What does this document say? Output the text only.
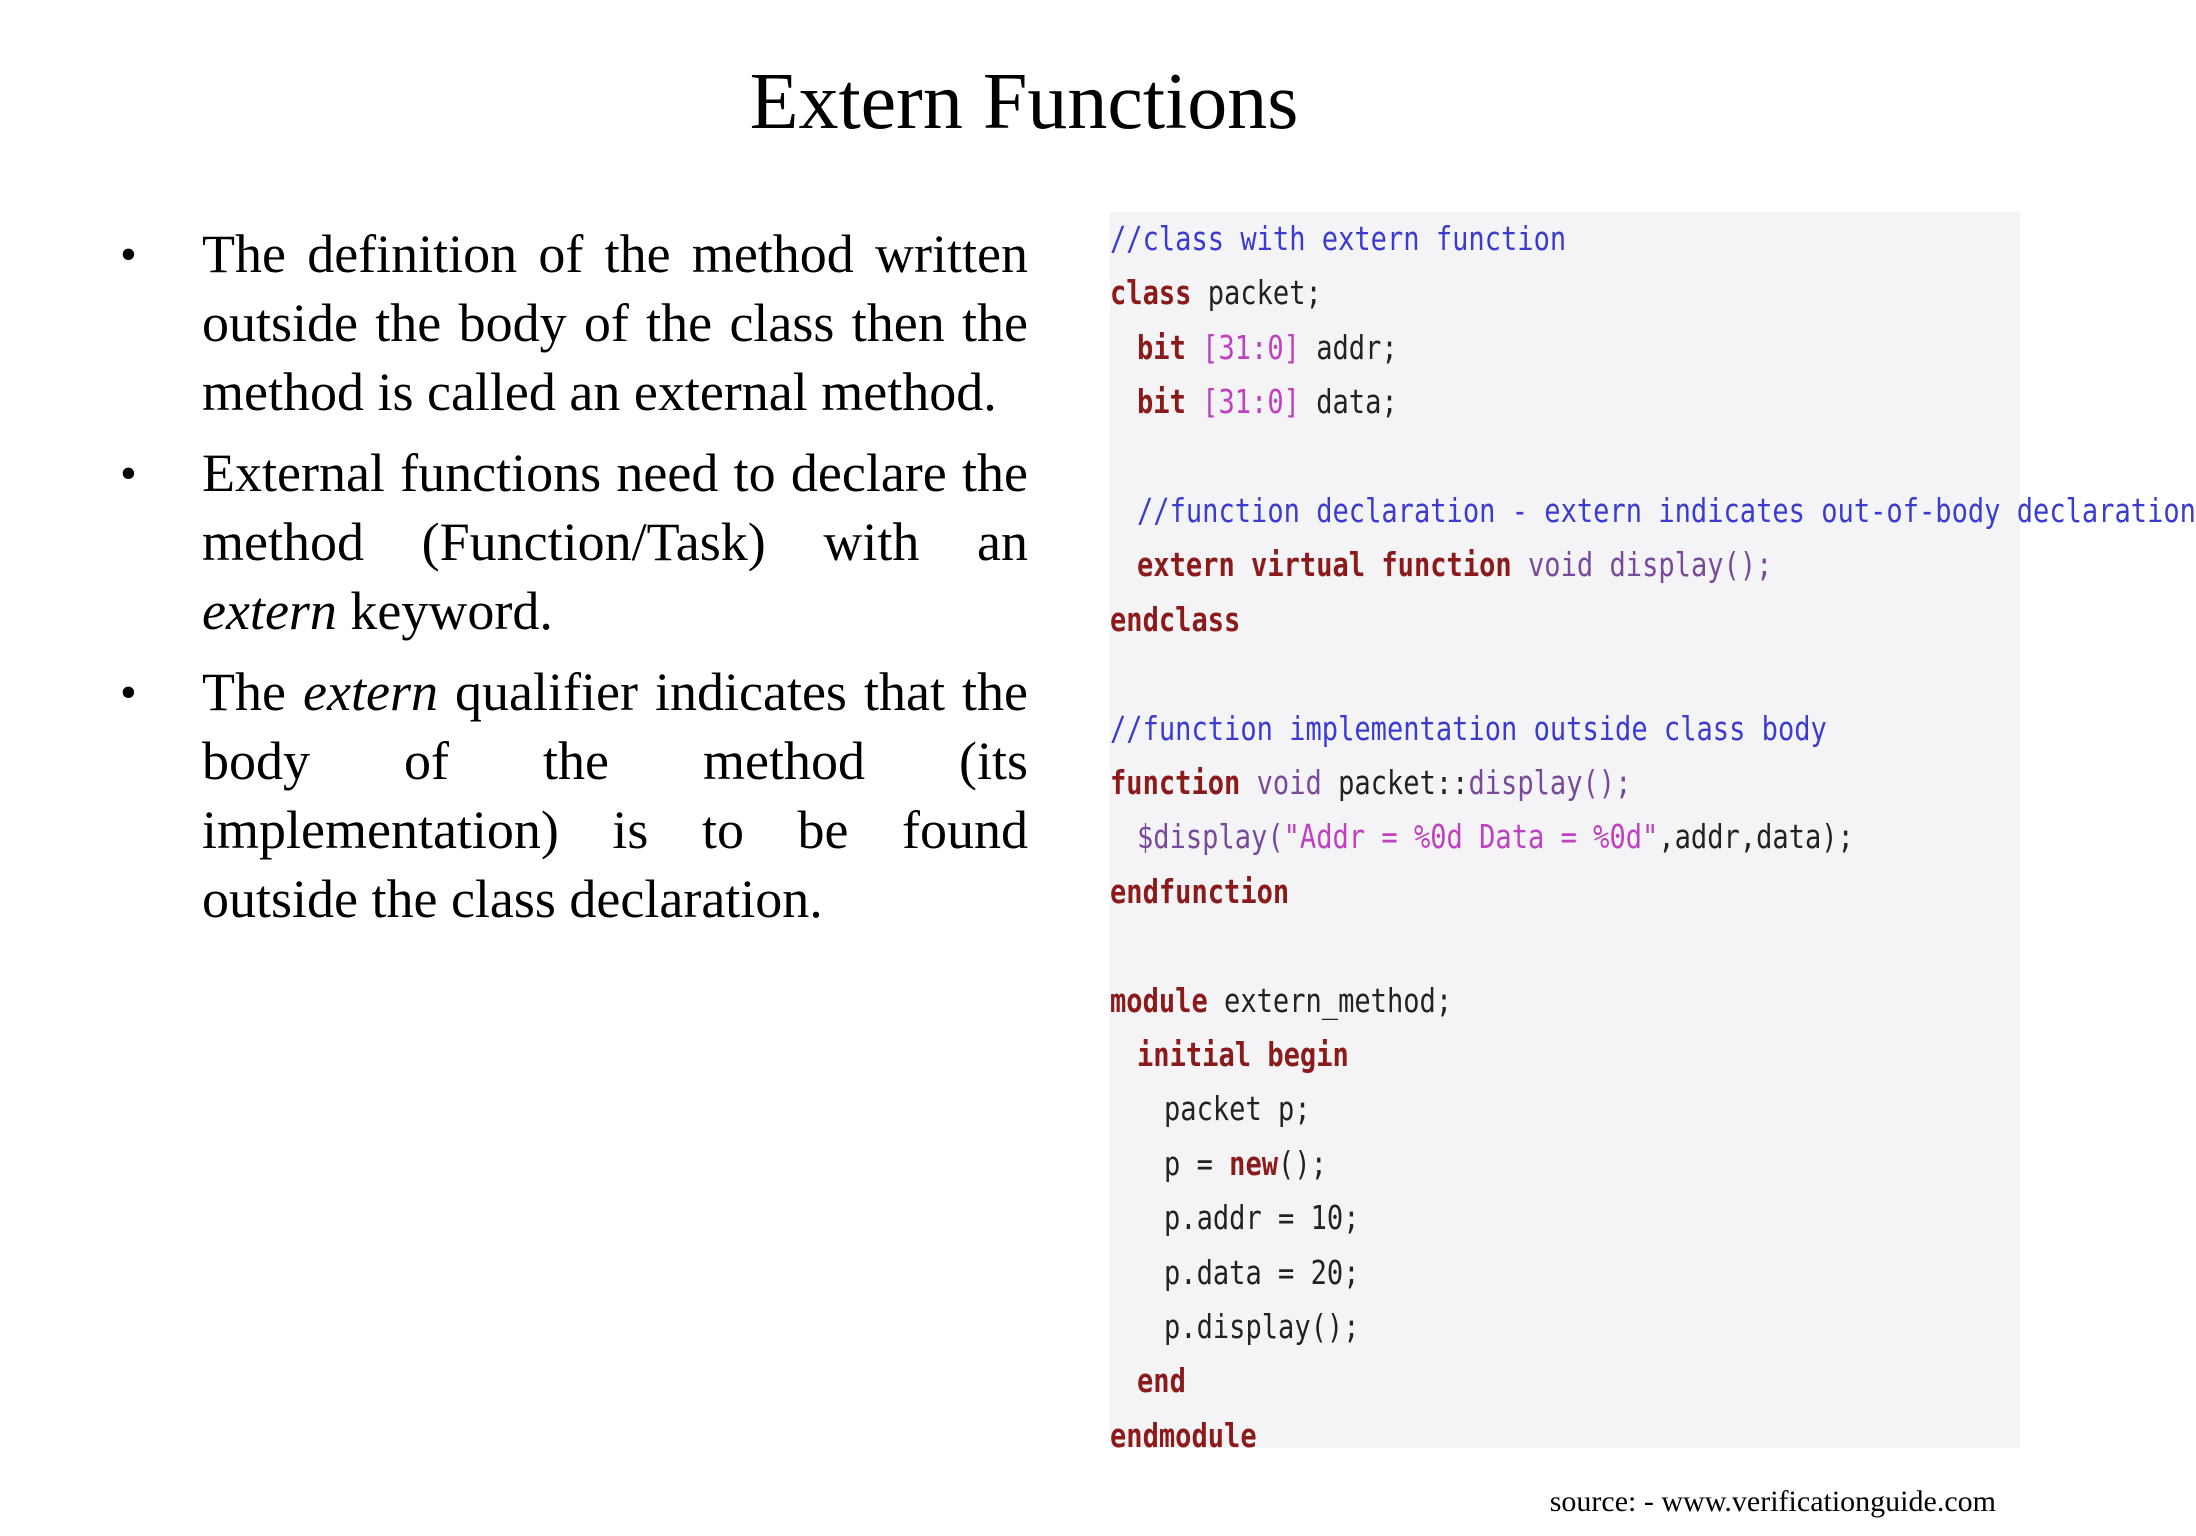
Extern Functions
• The definition of the method written outside the body of the class then the method is called an external method.
• External functions need to declare the method (Function/Task) with an extern keyword.
• The extern qualifier indicates that the body of the method (its implementation) is to be found outside the class declaration.
//class with extern function
class packet;
bit [31:0] addr;
bit [31:0] data;
//function declaration - extern indicates out-of-body declaration
extern virtual function void display();
endclass
//function implementation outside class body
function void packet::display();
$display("Addr = %0d Data = %0d",addr,data);
endfunction
module extern_method;
initial begin
packet p;
p = new();
p.addr = 10;
p.data = 20;
p.display();
end
endmodule
source: - www.verificationguide.com
